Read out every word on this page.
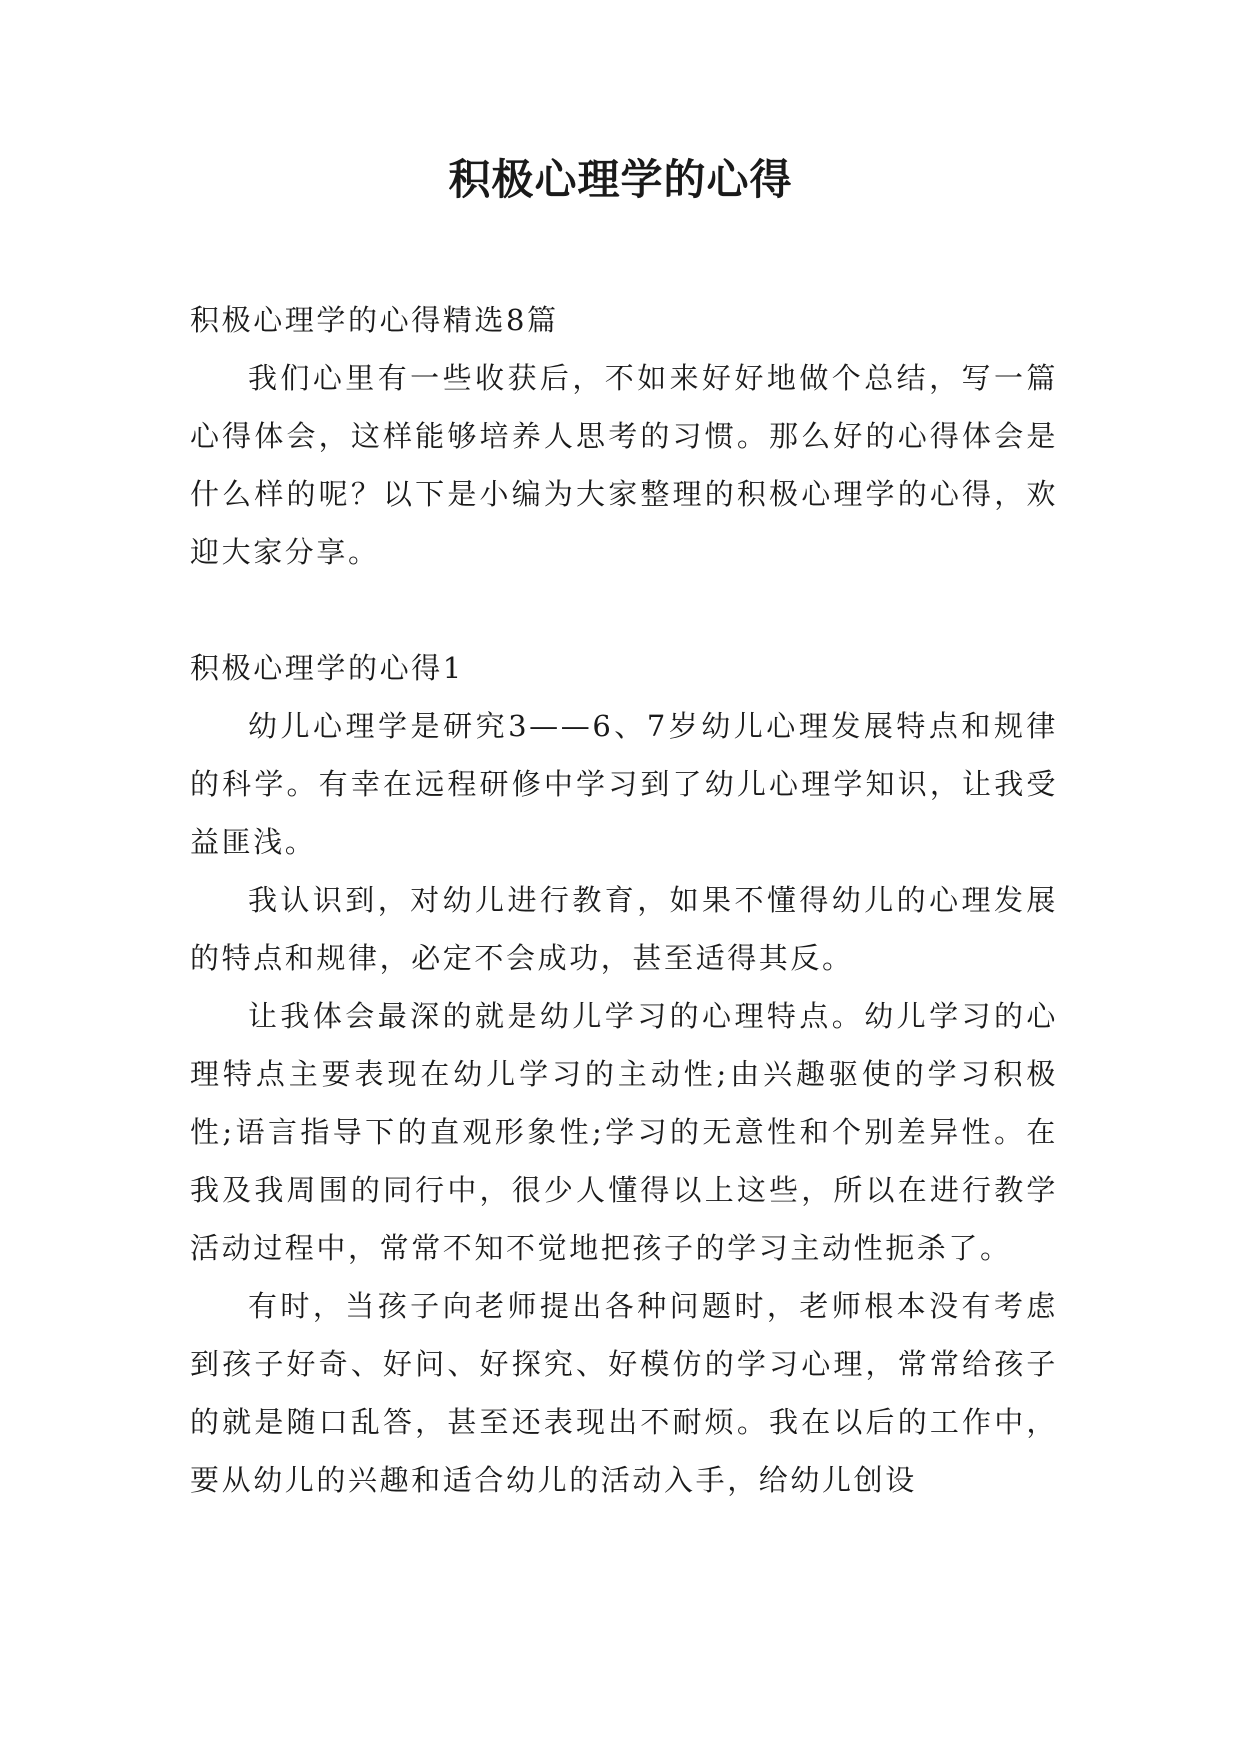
积极心理学的心得

积极心理学的心得精选8篇

我们心里有一些收获后，不如来好好地做个总结，写一篇心得体会，这样能够培养人思考的习惯。那么好的心得体会是什么样的呢？以下是小编为大家整理的积极心理学的心得，欢迎大家分享。

积极心理学的心得1

幼儿心理学是研究3——6、7岁幼儿心理发展特点和规律的科学。有幸在远程研修中学习到了幼儿心理学知识，让我受益匪浅。

我认识到，对幼儿进行教育，如果不懂得幼儿的心理发展的特点和规律，必定不会成功，甚至适得其反。

让我体会最深的就是幼儿学习的心理特点。幼儿学习的心理特点主要表现在幼儿学习的主动性;由兴趣驱使的学习积极性;语言指导下的直观形象性;学习的无意性和个别差异性。在我及我周围的同行中，很少人懂得以上这些，所以在进行教学活动过程中，常常不知不觉地把孩子的学习主动性扼杀了。

有时，当孩子向老师提出各种问题时，老师根本没有考虑到孩子好奇、好问、好探究、好模仿的学习心理，常常给孩子的就是随口乱答，甚至还表现出不耐烦。我在以后的工作中，要从幼儿的兴趣和适合幼儿的活动入手，给幼儿创设
